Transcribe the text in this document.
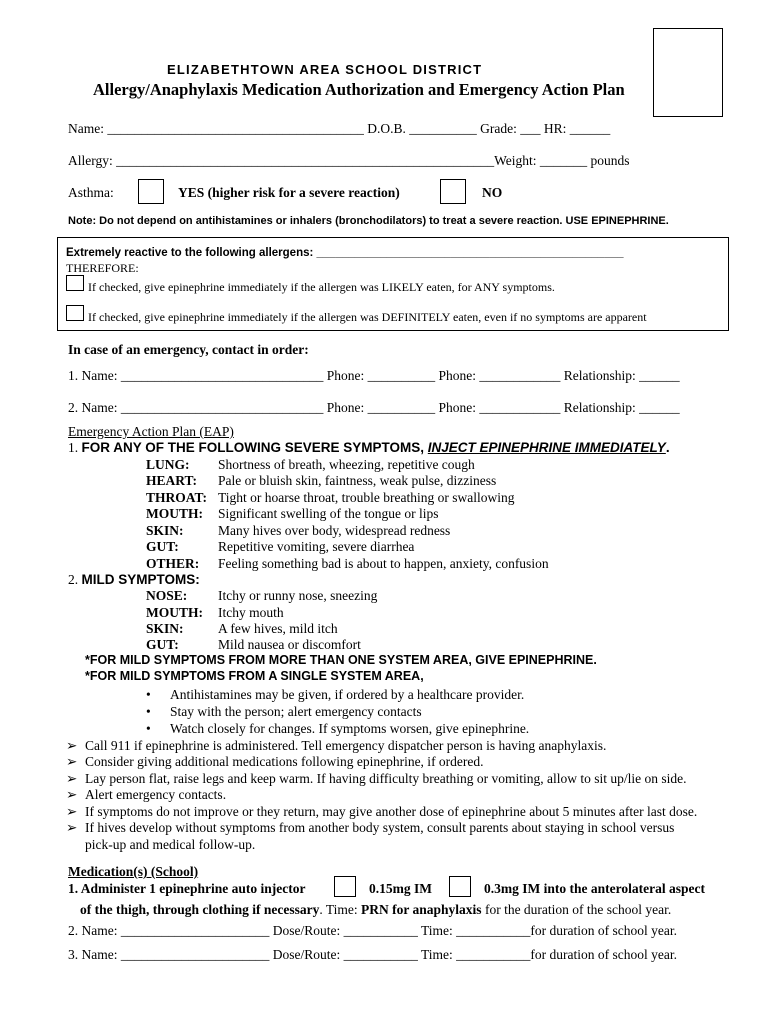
ELIZABETHTOWN AREA SCHOOL DISTRICT
Allergy/Anaphylaxis Medication Authorization and Emergency Action Plan
Name: ______________________________________ D.O.B. __________ Grade: ___ HR: ______
Allergy: ________________________________________________________Weight: _______ pounds
Asthma:	YES (higher risk for a severe reaction)	NO
Note: Do not depend on antihistamines or inhalers (bronchodilators) to treat a severe reaction. USE EPINEPHRINE.
Extremely reactive to the following allergens: ________________________________________________
THEREFORE:
If checked, give epinephrine immediately if the allergen was LIKELY eaten, for ANY symptoms.
If checked, give epinephrine immediately if the allergen was DEFINITELY eaten, even if no symptoms are apparent
In case of an emergency, contact in order:
1. Name: ______________________________ Phone: __________ Phone: ____________ Relationship: ______
2. Name: ______________________________ Phone: __________ Phone: ____________ Relationship: ______
Emergency Action Plan (EAP)
1. FOR ANY OF THE FOLLOWING SEVERE SYMPTOMS, INJECT EPINEPHRINE IMMEDIATELY.
LUNG: Shortness of breath, wheezing, repetitive cough
HEART: Pale or bluish skin, faintness, weak pulse, dizziness
THROAT: Tight or hoarse throat, trouble breathing or swallowing
MOUTH: Significant swelling of the tongue or lips
SKIN:	Many hives over body, widespread redness
GUT:	Repetitive vomiting, severe diarrhea
OTHER: Feeling something bad is about to happen, anxiety, confusion
2. MILD SYMPTOMS:
NOSE: Itchy or runny nose, sneezing
MOUTH: Itchy mouth
SKIN:	A few hives, mild itch
GUT:	Mild nausea or discomfort
*FOR MILD SYMPTOMS FROM MORE THAN ONE SYSTEM AREA, GIVE EPINEPHRINE.
*FOR MILD SYMPTOMS FROM A SINGLE SYSTEM AREA,
• Antihistamines may be given, if ordered by a healthcare provider.
• Stay with the person; alert emergency contacts
• Watch closely for changes. If symptoms worsen, give epinephrine.
➢ Call 911 if epinephrine is administered. Tell emergency dispatcher person is having anaphylaxis.
➢ Consider giving additional medications following epinephrine, if ordered.
➢ Lay person flat, raise legs and keep warm. If having difficulty breathing or vomiting, allow to sit up/lie on side.
➢ Alert emergency contacts.
➢ If symptoms do not improve or they return, may give another dose of epinephrine about 5 minutes after last dose.
➢ If hives develop without symptoms from another body system, consult parents about staying in school versus
pick-up and medical follow-up.
Medication(s) (School)
1. Administer 1 epinephrine auto injector	0.15mg IM	0.3mg IM into the anterolateral aspect
of the thigh, through clothing if necessary. Time: PRN for anaphylaxis for the duration of the school year.
2. Name: ______________________ Dose/Route: ___________ Time: ___________for duration of school year.
3. Name: ______________________ Dose/Route: ___________ Time: ___________for duration of school year.
